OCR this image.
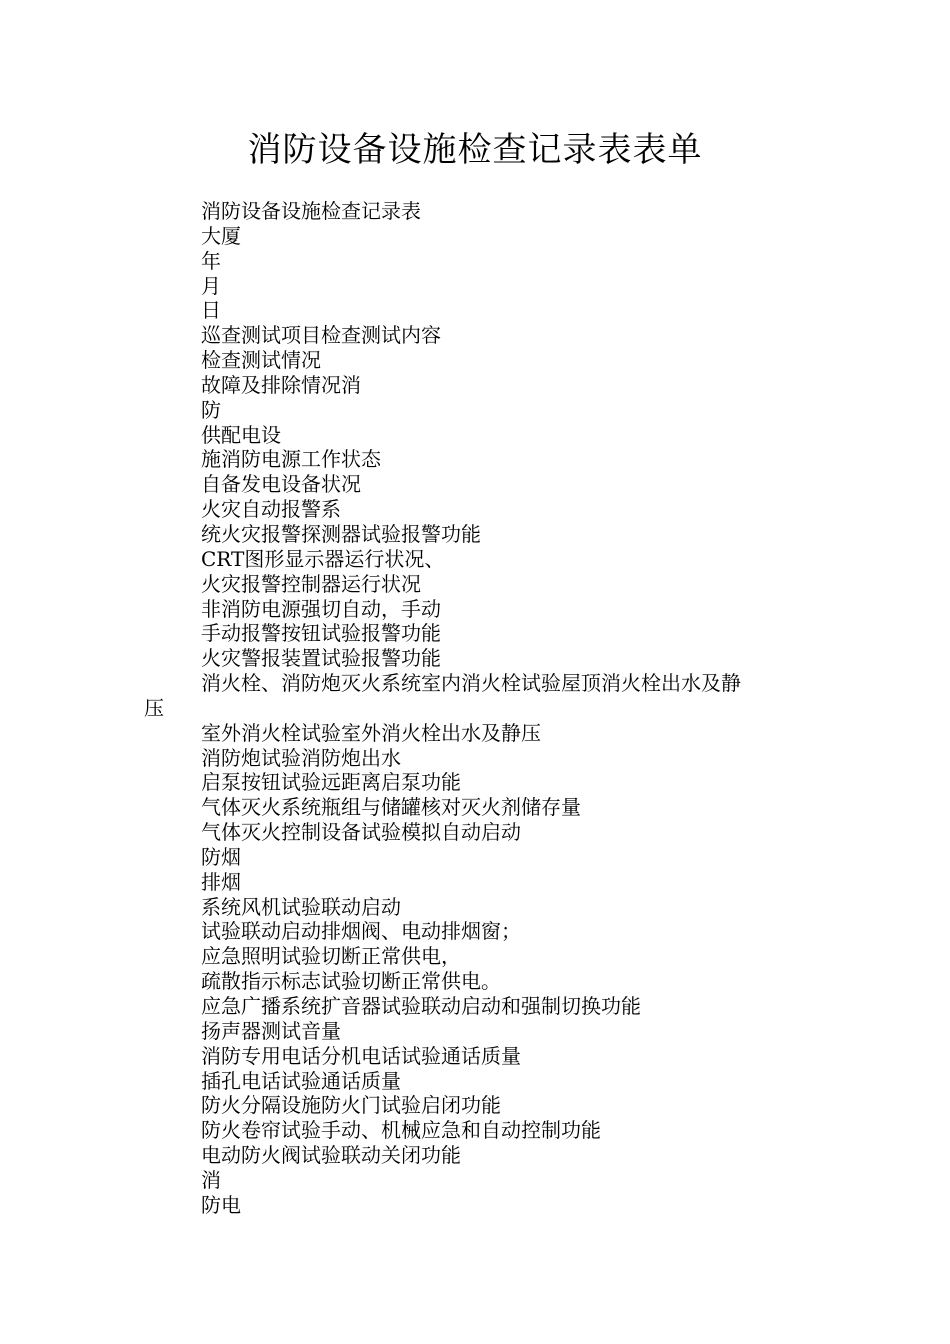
消防设备设施检查记录表表单
消防设备设施检查记录表
大厦
年
月
日
巡查测试项目检查测试内容
检查测试情况
故障及排除情况消
防
供配电设
施消防电源工作状态
自备发电设备状况
火灾自动报警系
统火灾报警探测器试验报警功能
CRT图形显示器运行状况、
火灾报警控制器运行状况
非消防电源强切自动，手动
手动报警按钮试验报警功能
火灾警报装置试验报警功能
消火栓、消防炮灭火系统室内消火栓试验屋顶消火栓出水及静
压
室外消火栓试验室外消火栓出水及静压
消防炮试验消防炮出水
启泵按钮试验远距离启泵功能
气体灭火系统瓶组与储罐核对灭火剂储存量
气体灭火控制设备试验模拟自动启动
防烟
排烟
系统风机试验联动启动
试验联动启动排烟阀、电动排烟窗；
应急照明试验切断正常供电，
疏散指示标志试验切断正常供电。
应急广播系统扩音器试验联动启动和强制切换功能
扬声器测试音量
消防专用电话分机电话试验通话质量
插孔电话试验通话质量
防火分隔设施防火门试验启闭功能
防火卷帘试验手动、机械应急和自动控制功能
电动防火阀试验联动关闭功能
消
防电
